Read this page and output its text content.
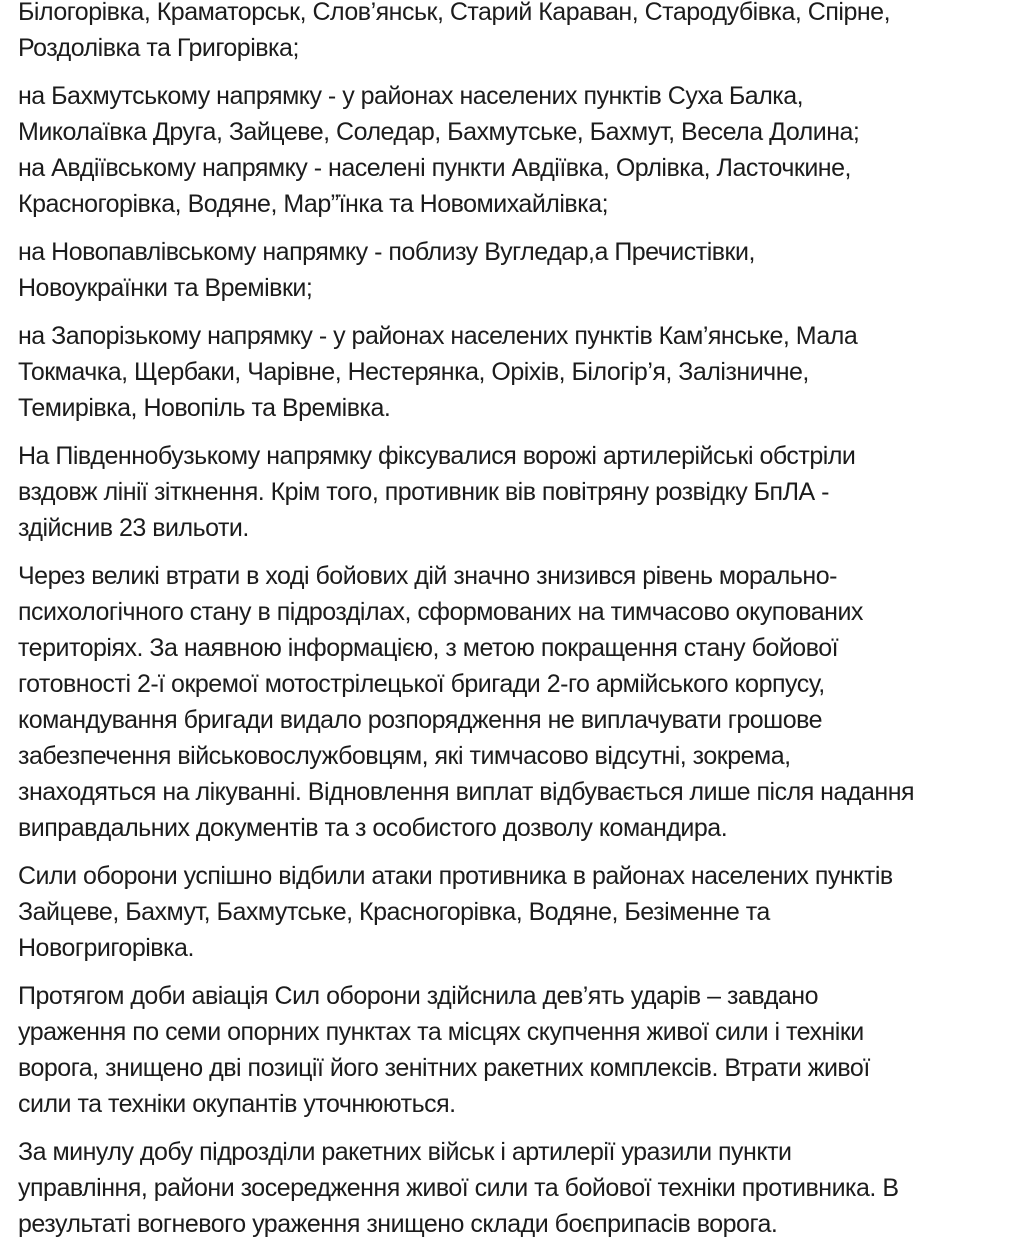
Білогорівка, Краматорськ, Слов’янськ, Старий Караван, Стародубівка, Спірне,
Роздолівка та Григорівка;

на Бахмутському напрямку - у районах населених пунктів Суха Балка,
Миколаївка Друга, Зайцеве, Соледар, Бахмутське, Бахмут, Весела Долина;
на Авдіївському напрямку - населені пункти Авдіївка, Орлівка, Ласточкине,
Красногорівка, Водяне, Мар”їнка та Новомихайлівка;

на Новопавлівському напрямку - поблизу Вугледар,а Пречистівки,
Новоукраїнки та Времівки;

на Запорізькому напрямку - у районах населених пунктів Кам’янське, Мала
Токмачка, Щербаки, Чарівне, Нестерянка, Оріхів, Білогір’я, Залізничне,
Темирівка, Новопіль та Времівка.

На Південнобузькому напрямку фіксувалися ворожі артилерійські обстріли
вздовж лінії зіткнення. Крім того, противник вів повітряну розвідку БпЛА -
здійснив 23 вильоти.

Через великі втрати в ході бойових дій значно знизився рівень морально-
психологічного стану в підрозділах, сформованих на тимчасово окупованих
територіях. За наявною інформацією, з метою покращення стану бойової
готовності 2-ї окремої мотострілецької бригади 2-го армійського корпусу,
командування бригади видало розпорядження не виплачувати грошове
забезпечення військовослужбовцям, які тимчасово відсутні, зокрема,
знаходяться на лікуванні. Відновлення виплат відбувається лише після надання
виправдальних документів та з особистого дозволу командира.

Сили оборони успішно відбили атаки противника в районах населених пунктів
Зайцеве, Бахмут, Бахмутське, Красногорівка, Водяне, Безіменне та
Новогригорівка.

Протягом доби авіація Сил оборони здійснила дев’ять ударів – завдано
ураження по семи опорних пунктах та місцях скупчення живої сили і техніки
ворога, знищено дві позиції його зенітних ракетних комплексів. Втрати живої
сили та техніки окупантів уточнюються.

За минулу добу підрозділи ракетних військ і артилерії уразили пункти
управління, райони зосередження живої сили та бойової техніки противника. В
результаті вогневого ураження знищено склади боєприпасів ворога.
